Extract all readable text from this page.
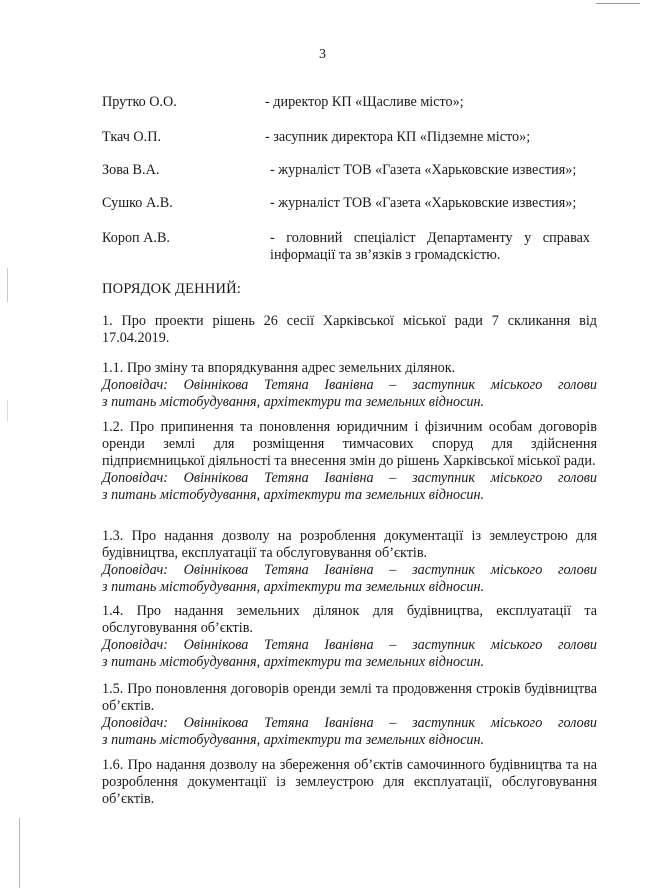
3
Прутко О.О.	- директор КП «Щасливе місто»;
Ткач О.П.	- засупник директора КП «Підземне місто»;
Зова В.А.	- журналіст ТОВ «Газета «Харьковские известия»;
Сушко А.В.	- журналіст ТОВ «Газета «Харьковские известия»;
Короп А.В.	- головний спеціаліст Департаменту у справах інформації та зв’язків з громадскістю.
ПОРЯДОК ДЕННИЙ:

1. Про проекти рішень 26 сесії Харківської міської ради 7 скликання від 17.04.2019.

1.1. Про зміну та впорядкування адрес земельних ділянок.

Доповідач: Овіннікова Тетяна Іванівна – заступник міського голови
з питань містобудування, архітектури та земельних відносин.

1.2. Про припинення та поновлення юридичним і фізичним особам договорів оренди землі для розміщення тимчасових споруд для здійснення підприємницької діяльності та внесення змін до рішень Харківської міської ради.

Доповідач: Овіннікова Тетяна Іванівна – заступник міського голови
з питань містобудування, архітектури та земельних відносин.

1.3. Про надання дозволу на розроблення документації із землеустрою для будівництва, експлуатації та обслуговування об’єктів.

Доповідач: Овіннікова Тетяна Іванівна – заступник міського голови
з питань містобудування, архітектури та земельних відносин.

1.4. Про надання земельних ділянок для будівництва, експлуатації та обслуговування об’єктів.

Доповідач: Овіннікова Тетяна Іванівна – заступник міського голови
з питань містобудування, архітектури та земельних відносин.

1.5. Про поновлення договорів оренди землі та продовження строків будівництва об’єктів.

Доповідач: Овіннікова Тетяна Іванівна – заступник міського голови
з питань містобудування, архітектури та земельних відносин.

1.6. Про надання дозволу на збереження об’єктів самочинного будівництва та на розроблення документації із землеустрою для експлуатації, обслуговування об’єктів.
